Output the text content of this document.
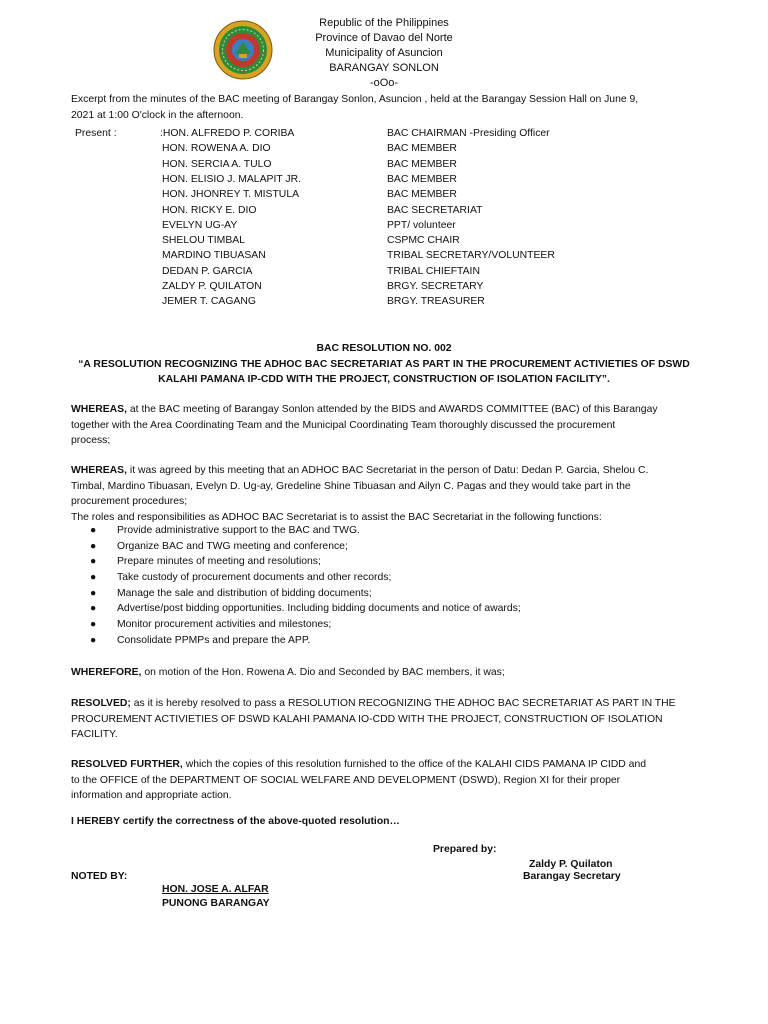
Republic of the Philippines
Province of Davao del Norte
Municipality of Asuncion
BARANGAY SONLON
-oOo-
Excerpt from the minutes of the BAC meeting of Barangay Sonlon, Asuncion , held at the Barangay Session Hall on June 9,
2021 at 1:00 O'clock in the afternoon.
Present :	:HON. ALFREDO P. CORIBA	BAC CHAIRMAN -Presiding Officer
HON. ROWENA A. DIO	BAC MEMBER
HON. SERCIA A. TULO	BAC MEMBER
HON. ELISIO J. MALAPIT JR.	BAC MEMBER
HON. JHONREY T. MISTULA	BAC MEMBER
HON. RICKY E. DIO	BAC SECRETARIAT
EVELYN UG-AY	PPT/ volunteer
SHELOU TIMBAL	CSPMC CHAIR
MARDINO TIBUASAN	TRIBAL SECRETARY/VOLUNTEER
DEDAN P. GARCIA	TRIBAL CHIEFTAIN
ZALDY P. QUILATON	BRGY. SECRETARY
JEMER T. CAGANG	BRGY. TREASURER
BAC RESOLUTION NO. 002
“A RESOLUTION RECOGNIZING THE ADHOC BAC SECRETARIAT AS PART IN THE PROCUREMENT ACTIVIETIES OF DSWD
KALAHI PAMANA IP-CDD WITH THE PROJECT, CONSTRUCTION OF ISOLATION FACILITY”.
WHEREAS, at the BAC meeting of Barangay Sonlon attended by the BIDS and AWARDS COMMITTEE (BAC) of this Barangay
together with the Area Coordinating Team and the Municipal Coordinating Team thoroughly discussed the procurement
process;
WHEREAS, it was agreed by this meeting that an ADHOC BAC Secretariat in the person of Datu: Dedan P. Garcia, Shelou C.
Timbal, Mardino Tibuasan, Evelyn D. Ug-ay, Gredeline Shine Tibuasan and Ailyn C. Pagas and they would take part in the
procurement procedures;
The roles and responsibilities as ADHOC BAC Secretariat is to assist the BAC Secretariat in the following functions:
● Provide administrative support to the BAC and TWG.
● Organize BAC and TWG meeting and conference;
● Prepare minutes of meeting and resolutions;
● Take custody of procurement documents and other records;
● Manage the sale and distribution of bidding documents;
● Advertise/post bidding opportunities. Including bidding documents and notice of awards;
● Monitor procurement activities and milestones;
● Consolidate PPMPs and prepare the APP.
WHEREFORE, on motion of the Hon. Rowena A. Dio and Seconded by BAC members, it was;
RESOLVED; as it is hereby resolved to pass a RESOLUTION RECOGNIZING THE ADHOC BAC SECRETARIAT AS PART IN THE
PROCUREMENT ACTIVIETIES OF DSWD KALAHI PAMANA IO-CDD WITH THE PROJECT, CONSTRUCTION OF ISOLATION
FACILITY.
RESOLVED FURTHER, which the copies of this resolution furnished to the office of the KALAHI CIDS PAMANA IP CIDD and
to the OFFICE of the DEPARTMENT OF SOCIAL WELFARE AND DEVELOPMENT (DSWD), Region XI for their proper
information and appropriate action.
I HEREBY certify the correctness of the above-quoted resolution…
Prepared by:
Zaldy P. Quilaton
NOTED BY:	Barangay Secretary
HON. JOSE A. ALFAR
PUNONG BARANGAY
